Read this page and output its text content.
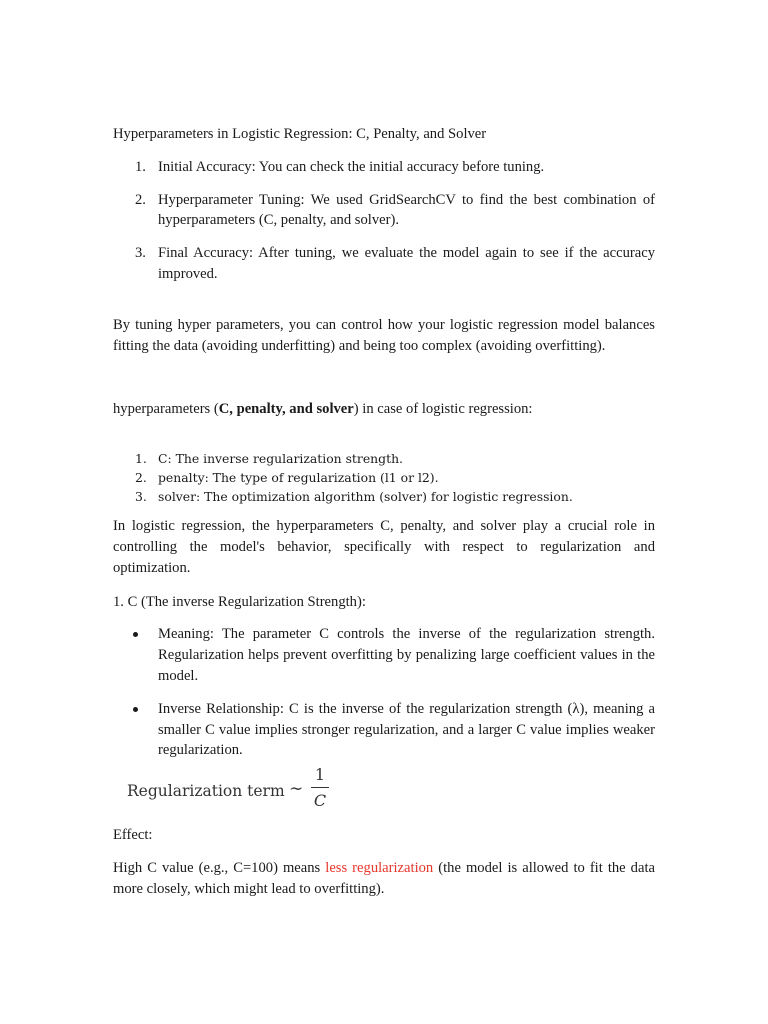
Hyperparameters in Logistic Regression: C, Penalty, and Solver

1. Initial Accuracy: You can check the initial accuracy before tuning.
2. Hyperparameter Tuning: We used GridSearchCV to find the best combination of hyperparameters (C, penalty, and solver).
3. Final Accuracy: After tuning, we evaluate the model again to see if the accuracy improved.

By tuning hyper parameters, you can control how your logistic regression model balances fitting the data (avoiding underfitting) and being too complex (avoiding overfitting).

hyperparameters (C, penalty, and solver) in case of logistic regression:

1. C: The inverse regularization strength.
2. penalty: The type of regularization (l1 or l2).
3. solver: The optimization algorithm (solver) for logistic regression.

In logistic regression, the hyperparameters C, penalty, and solver play a crucial role in controlling the model's behavior, specifically with respect to regularization and optimization.

1. C (The inverse Regularization Strength):

Meaning: The parameter C controls the inverse of the regularization strength. Regularization helps prevent overfitting by penalizing large coefficient values in the model.
Inverse Relationship: C is the inverse of the regularization strength (λ), meaning a smaller C value implies stronger regularization, and a larger C value implies weaker regularization.
Regularization term ∼
1
C

Effect:

High C value (e.g., C=100) means less regularization (the model is allowed to fit the data more closely, which might lead to overfitting).
